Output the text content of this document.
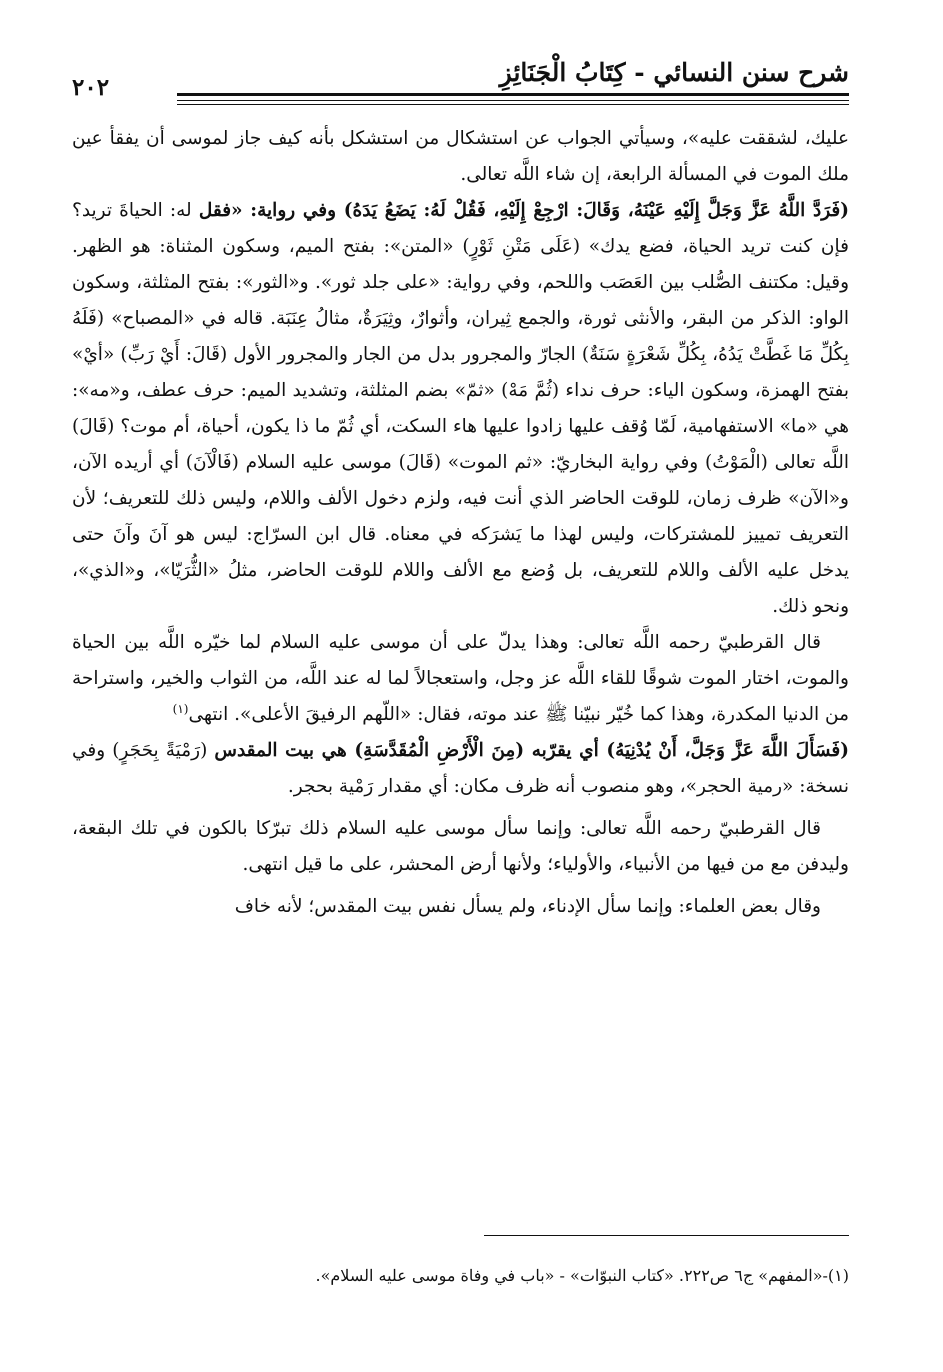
شرح سنن النسائي - كِتَابُ الْجَنَائِزِ
٢٠٢

عليك، لشققت عليه»، وسيأتي الجواب عن استشكال من استشكل بأنه كيف جاز لموسى أن يفقأ عين ملك الموت في المسألة الرابعة، إن شاء اللَّه تعالى.

(فَرَدَّ اللَّهُ عَزَّ وَجَلَّ إِلَيْهِ عَيْنَهُ، وَقَالَ: ارْجِعْ إِلَيْهِ، فَقُلْ لَهُ: يَضَعُ يَدَهُ) وفي رواية: «فقل له: الحياةَ تريد؟ فإن كنت تريد الحياة، فضع يدك» (عَلَى مَتْنِ ثَوْرٍ) «المتن»: بفتح الميم، وسكون المثناة: هو الظهر. وقيل: مكتنف الصُّلب بين العَصَب واللحم، وفي رواية: «على جلد ثور». و«الثور»: بفتح المثلثة، وسكون الواو: الذكر من البقر، والأنثى ثورة، والجمع ثِيران، وأثوارٌ، وثِيَرَةٌ، مثالُ عِنَبَة. قاله في «المصباح» (فَلَهُ بِكُلِّ مَا غَطَّتْ يَدُهُ، بِكُلِّ شَعْرَةٍ سَنَةٌ) الجارّ والمجرور بدل من الجار والمجرور الأول (قَالَ: أَيْ رَبِّ) «أيْ» بفتح الهمزة، وسكون الياء: حرف نداء (ثُمَّ مَهْ) «ثمّ» بضم المثلثة، وتشديد الميم: حرف عطف، و«مه»: هي «ما» الاستفهامية، لَمّا وُقف عليها زادوا عليها هاء السكت، أي ثُمّ ما ذا يكون، أحياة، أم موت؟ (قَالَ) اللَّه تعالى (الْمَوْتُ) وفي رواية البخاريّ: «ثم الموت» (قَالَ) موسى عليه السلام (فَالْآنَ) أي أريده الآن، و«الآن» ظرف زمان، للوقت الحاضر الذي أنت فيه، ولزم دخول الألف واللام، وليس ذلك للتعريف؛ لأن التعريف تمييز للمشتركات، وليس لهذا ما يَشرَكه في معناه. قال ابن السرّاج: ليس هو آنَ وآنَ حتى يدخل عليه الألف واللام للتعريف، بل وُضع مع الألف واللام للوقت الحاضر، مثلُ «الثُّرَيّا»، و«الذي»، ونحو ذلك.

قال القرطبيّ رحمه اللَّه تعالى: وهذا يدلّ على أن موسى عليه السلام لما خيّره اللَّه بين الحياة والموت، اختار الموت شوقًا للقاء اللَّه عز وجل، واستعجالاً لما له عند اللَّه، من الثواب والخير، واستراحة من الدنيا المكدرة، وهذا كما خُيّر نبيّنا ﷺ عند موته، فقال: «اللّهم الرفيقَ الأعلى». انتهى$^{(١)}$

(فَسَأَلَ اللَّهَ عَزَّ وَجَلَّ، أَنْ يُدْنِيَهُ) أي يقرّبه (مِنَ الْأَرْضِ الْمُقَدَّسَةِ) هي بيت المقدس (رَمْيَةً بِحَجَرٍ) وفي نسخة: «رمية الحجر»، وهو منصوب أنه ظرف مكان: أي مقدار رَمْية بحجر.

قال القرطبيّ رحمه اللَّه تعالى: وإنما سأل موسى عليه السلام ذلك تبرّكا بالكون في تلك البقعة، وليدفن مع من فيها من الأنبياء، والأولياء؛ ولأنها أرض المحشر، على ما قيل انتهى.

وقال بعض العلماء: وإنما سأل الإدناء، ولم يسأل نفس بيت المقدس؛ لأنه خاف

(١)-«المفهم» ج٦ ص٢٢٢. «كتاب النبوّات» - «باب في وفاة موسى عليه السلام».
